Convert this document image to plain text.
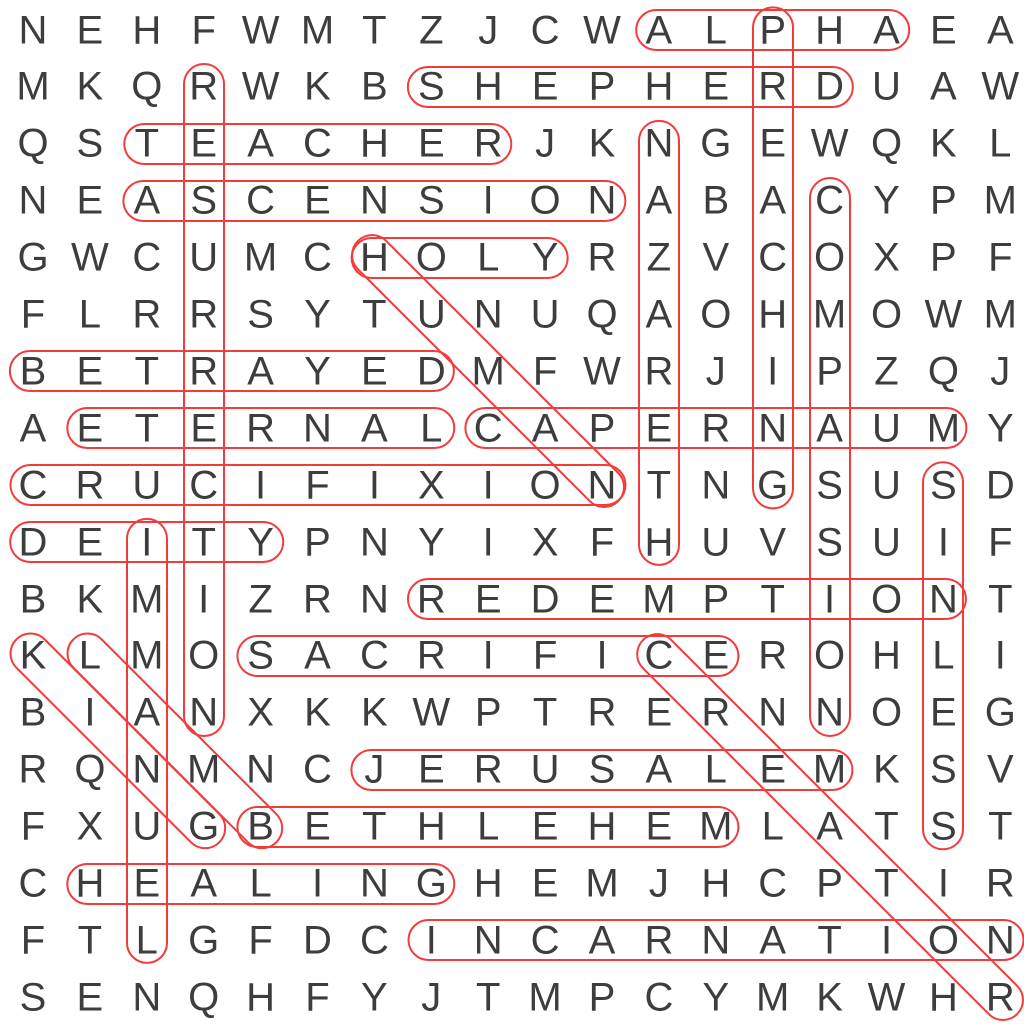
N E H F W M T Z J C W A L P H A E A
M K Q R W K B S H E P H E R D U A W
Q S T E A C H E R J K N G E W Q K L
N E A S C E N S I O N A B A C Y P M
G W C U M C H O L Y R Z V C O X P F
F L R R S Y T U N U Q A O H M O W M
B E T R A Y E D M F W R J	I P Z Q J
A E T E R N A L C A P E R N A U M Y
C R U C I F I X I O N T N G S U S D
D E I T Y P N Y I X F H U V S U I F
B K M I Z R N R E D E M P T I O N T
K L M O S A C R I F I C E R O H L	I
B I A N X K K W P T R E R N N O E G
R Q N M N C J E R U S A L E M K S V
F X U G B E T H L E H E M L A T S T
C H E A L	I N G H E M J H C P T I R
F T L G F D C I N C A R N A T I O N
S E N Q H F Y J T M P C Y M K W H R
